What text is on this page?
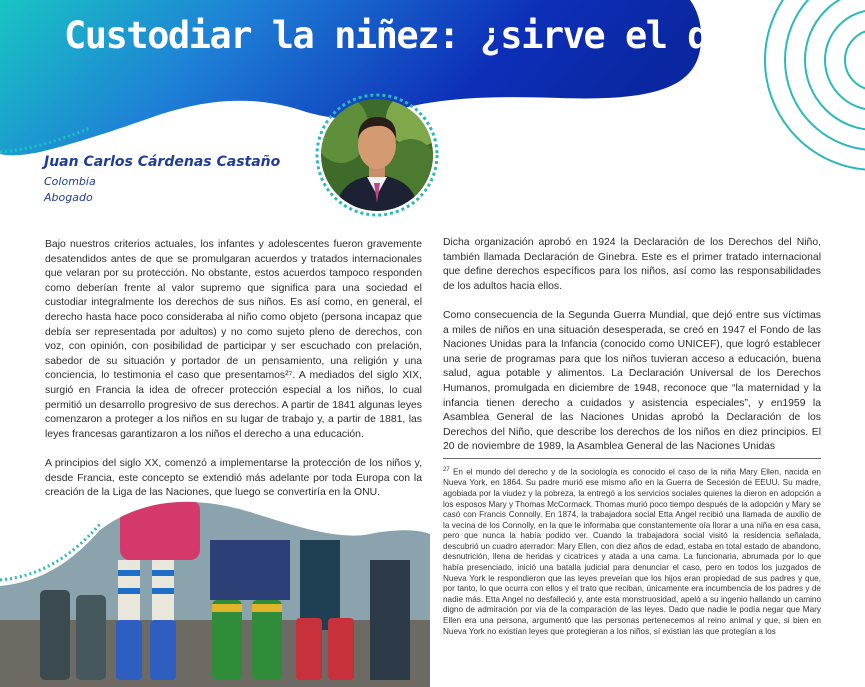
Custodiar la niñez: ¿sirve el derecho?
Juan Carlos Cárdenas Castaño
Colombia
Abogado

Bajo nuestros criterios actuales, los infantes y adolescentes fueron gravemente desatendidos antes de que se promulgaran acuerdos y tratados internacionales que velaran por su protección. No obstante, estos acuerdos tampoco responden como deberían frente al valor supremo que significa para una sociedad el custodiar integralmente los derechos de sus niños. Es así como, en general, el derecho hasta hace poco consideraba al niño como objeto (persona incapaz que debía ser representada por adultos) y no como sujeto pleno de derechos, con voz, con opinión, con posibilidad de participar y ser escuchado con prelación, sabedor de su situación y portador de un pensamiento, una religión y una conciencia, lo testimonia el caso que presentamos²⁷. A mediados del siglo XIX, surgió en Francia la idea de ofrecer protección especial a los niños, lo cual permitió un desarrollo progresivo de sus derechos. A partir de 1841 algunas leyes comenzaron a proteger a los niños en su lugar de trabajo y, a partir de 1881, las leyes francesas garantizaron a los niños el derecho a una educación.

A principios del siglo XX, comenzó a implementarse la protección de los niños y, desde Francia, este concepto se extendió más adelante por toda Europa con la creación de la Liga de las Naciones, que luego se convertiría en la ONU.

Dicha organización aprobó en 1924 la Declaración de los Derechos del Niño, también llamada Declaración de Ginebra. Este es el primer tratado internacional que define derechos específicos para los niños, así como las responsabilidades de los adultos hacia ellos.

Como consecuencia de la Segunda Guerra Mundial, que dejó entre sus víctimas a miles de niños en una situación desesperada, se creó en 1947 el Fondo de las Naciones Unidas para la Infancia (conocido como UNICEF), que logró establecer una serie de programas para que los niños tuvieran acceso a educación, buena salud, agua potable y alimentos. La Declaración Universal de los Derechos Humanos, promulgada en diciembre de 1948, reconoce que “la maternidad y la infancia tienen derecho a cuidados y asistencia especiales”, y en1959 la Asamblea General de las Naciones Unidas aprobó la Declaración de los Derechos del Niño, que describe los derechos de los niños en diez principios. El 20 de noviembre de 1989, la Asamblea General de las Naciones Unidas

$^{27}$ En el mundo del derecho y de la sociología es conocido el caso de la niña Mary Ellen, nacida en Nueva York, en 1864. Su padre murió ese mismo año en la Guerra de Secesión de EEUU. Su madre, agobiada por la viudez y la pobreza, la entregó a los servicios sociales quienes la dieron en adopción a los esposos Mary y Thomas McCormack. Thomas murió poco tiempo después de la adopción y Mary se casó con Francis Connolly. En 1874, la trabajadora social Etta Angel recibió una llamada de auxilio de la vecina de los Connolly, en la que le informaba que constantemente oía llorar a una niña en esa casa, pero que nunca la había podido ver. Cuando la trabajadora social visitó la residencia señalada, descubrió un cuadro aterrador: Mary Ellen, con diez años de edad, estaba en total estado de abandono, desnutrición, llena de heridas y cicatrices y atada a una cama. La funcionaria, abrumada por lo que había presenciado, inició una batalla judicial para denunciar el caso, pero en todos los juzgados de Nueva York le respondieron que las leyes preveían que los hijos eran propiedad de sus padres y que, por tanto, lo que ocurra con ellos y el trato que reciban, únicamente era incumbencia de los padres y de nadie más. Etta Angel no desfalleció y, ante esta monstruosidad, apeló a su ingenio hallando un camino digno de admiración por vía de la comparación de las leyes. Dado que nadie le podía negar que Mary Ellen era una persona, argumentó que las personas pertenecemos al reino animal y que, si bien en Nueva York no existían leyes que protegieran a los niños, sí existían las que protegían a los
